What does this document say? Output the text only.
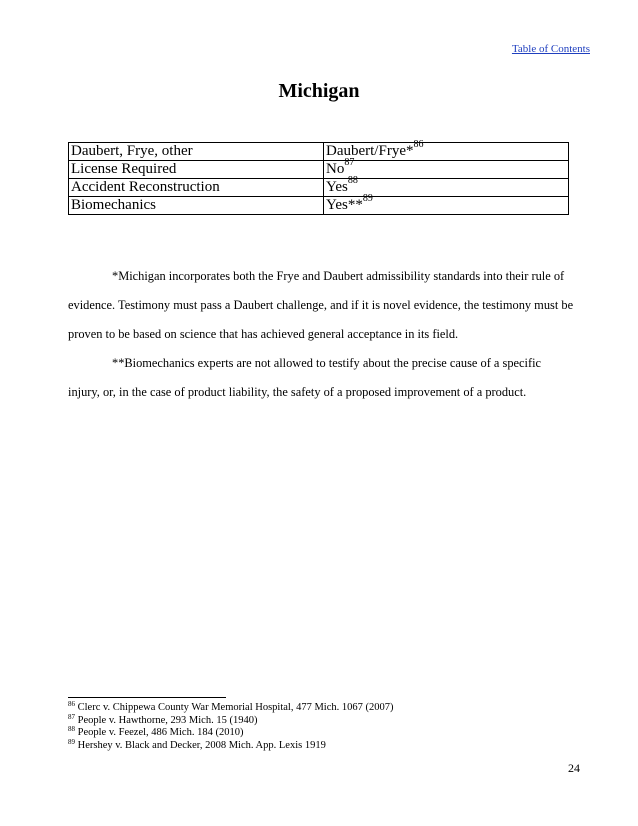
Table of Contents
Michigan
Daubert, Frye, other	Daubert/Frye*$^{86}$
License Required	No$^{87}$
Accident Reconstruction	Yes$^{88}$
Biomechanics	Yes**$^{89}$

*Michigan incorporates both the Frye and Daubert admissibility standards into their rule of evidence. Testimony must pass a Daubert challenge, and if it is novel evidence, the testimony must be proven to be based on science that has achieved general acceptance in its field.

**Biomechanics experts are not allowed to testify about the precise cause of a specific injury, or, in the case of product liability, the safety of a proposed improvement of a product.

$^{86}$ Clerc v. Chippewa County War Memorial Hospital, 477 Mich. 1067 (2007)
$^{87}$ People v. Hawthorne, 293 Mich. 15 (1940)
$^{88}$ People v. Feezel, 486 Mich. 184 (2010)
$^{89}$ Hershey v. Black and Decker, 2008 Mich. App. Lexis 1919
24
